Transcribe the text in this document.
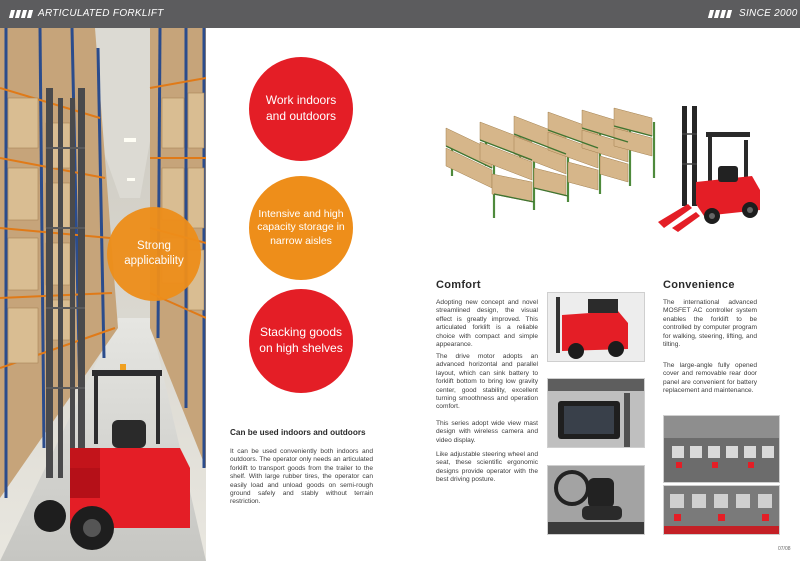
ARTICULATED FORKLIFT	SINCE 2000
Strong applicability
Work indoors and outdoors
Intensive and high capacity storage in narrow aisles
Stacking goods on high shelves
Can be used indoors and outdoors
It can be used conveniently both indoors and outdoors. The operator only needs an articulated forklift to transport goods from the trailer to the shelf. With large rubber tires, the operator can easily load and unload goods on semi-rough ground safely and stably without terrain restriction.
Comfort
Adopting new concept and novel streamlined design, the visual effect is greatly improved. This articulated forklift is a reliable choice with compact and simple appearance.
The drive motor adopts an advanced horizontal and parallel layout, which can sink battery to forklift bottom to bring low gravity center, good stability, excellent turning smoothness and operation comfort.
This series adopt wide view mast design with wireless camera and video display.
Like adjustable steering wheel and seat, these scientific ergonomic designs provide operator with the best driving posture.
Convenience
The international advanced MOSFET AC controller system enables the forklift to be controlled by computer program for walking, steering, lifting, and tilting.
The large-angle fully opened cover and removable rear door panel are convenient for battery replacement and maintenance.
07/08
